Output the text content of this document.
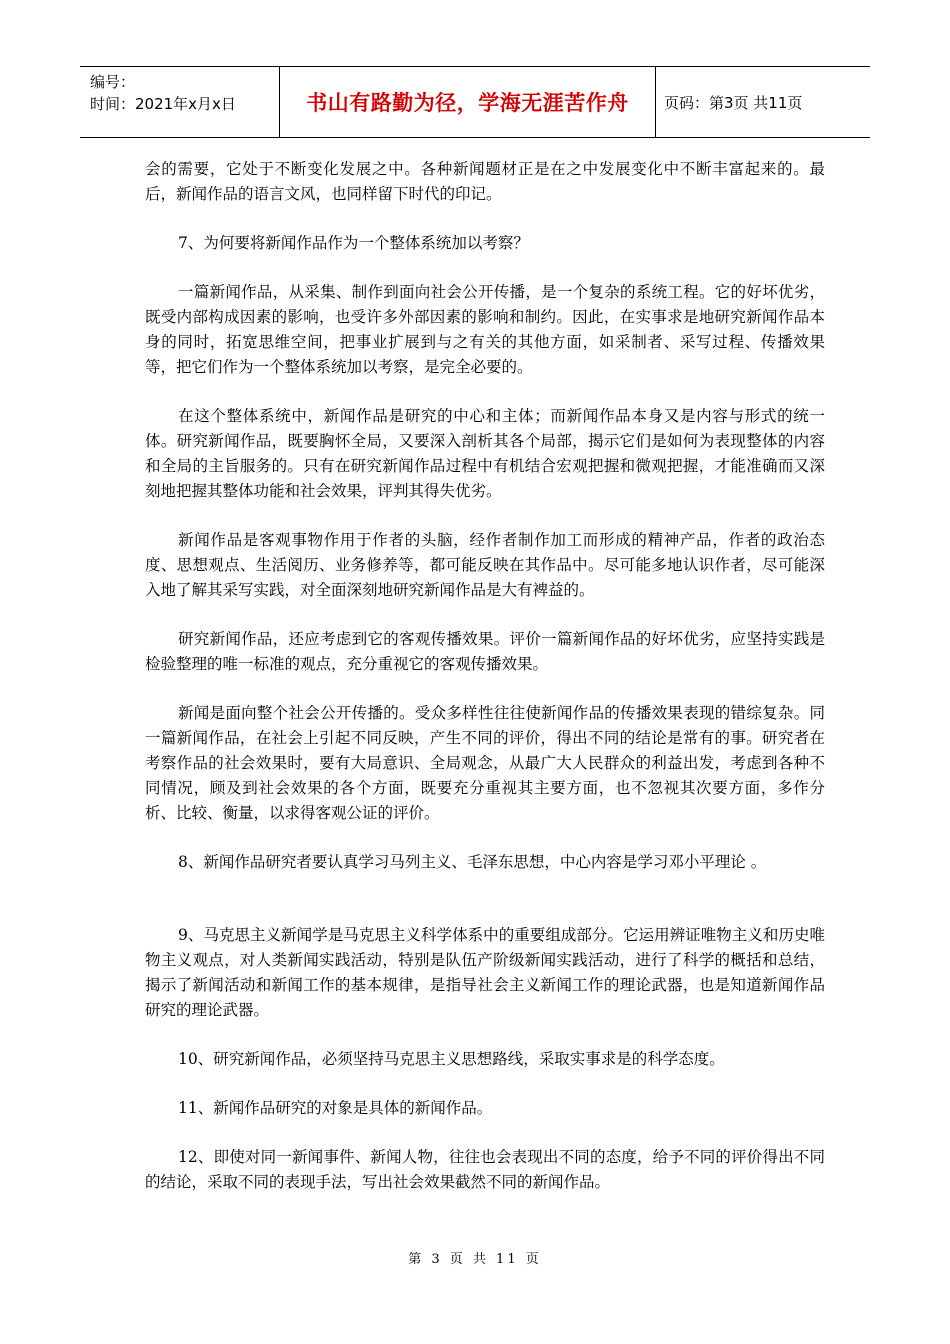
编号：
时间：2021年x月x日	书山有路勤为径，学海无涯苦作舟 页码：第3页 共11页

会的需要，它处于不断变化发展之中。各种新闻题材正是在之中发展变化中不断丰富起来的。最后，新闻作品的语言文风，也同样留下时代的印记。

7、为何要将新闻作品作为一个整体系统加以考察？

一篇新闻作品，从采集、制作到面向社会公开传播，是一个复杂的系统工程。它的好坏优劣，既受内部构成因素的影响，也受许多外部因素的影响和制约。因此，在实事求是地研究新闻作品本身的同时，拓宽思维空间，把事业扩展到与之有关的其他方面，如采制者、采写过程、传播效果等，把它们作为一个整体系统加以考察，是完全必要的。

在这个整体系统中，新闻作品是研究的中心和主体；而新闻作品本身又是内容与形式的统一体。研究新闻作品，既要胸怀全局，又要深入剖析其各个局部，揭示它们是如何为表现整体的内容和全局的主旨服务的。只有在研究新闻作品过程中有机结合宏观把握和微观把握，才能准确而又深刻地把握其整体功能和社会效果，评判其得失优劣。

新闻作品是客观事物作用于作者的头脑，经作者制作加工而形成的精神产品，作者的政治态度、思想观点、生活阅历、业务修养等，都可能反映在其作品中。尽可能多地认识作者，尽可能深入地了解其采写实践，对全面深刻地研究新闻作品是大有裨益的。

研究新闻作品，还应考虑到它的客观传播效果。评价一篇新闻作品的好坏优劣，应坚持实践是检验整理的唯一标准的观点，充分重视它的客观传播效果。

新闻是面向整个社会公开传播的。受众多样性往往使新闻作品的传播效果表现的错综复杂。同一篇新闻作品，在社会上引起不同反映，产生不同的评价，得出不同的结论是常有的事。研究者在考察作品的社会效果时，要有大局意识、全局观念，从最广大人民群众的利益出发，考虑到各种不同情况，顾及到社会效果的各个方面，既要充分重视其主要方面，也不忽视其次要方面，多作分析、比较、衡量，以求得客观公证的评价。

8、新闻作品研究者要认真学习马列主义、毛泽东思想，中心内容是学习邓小平理论 。

9、马克思主义新闻学是马克思主义科学体系中的重要组成部分。它运用辨证唯物主义和历史唯物主义观点，对人类新闻实践活动，特别是队伍产阶级新闻实践活动，进行了科学的概括和总结，揭示了新闻活动和新闻工作的基本规律，是指导社会主义新闻工作的理论武器，也是知道新闻作品研究的理论武器。

10、研究新闻作品，必须坚持马克思主义思想路线，采取实事求是的科学态度。

11、新闻作品研究的对象是具体的新闻作品。

12、即使对同一新闻事件、新闻人物，往往也会表现出不同的态度，给予不同的评价得出不同的结论，采取不同的表现手法，写出社会效果截然不同的新闻作品。

第 3 页 共 11 页
